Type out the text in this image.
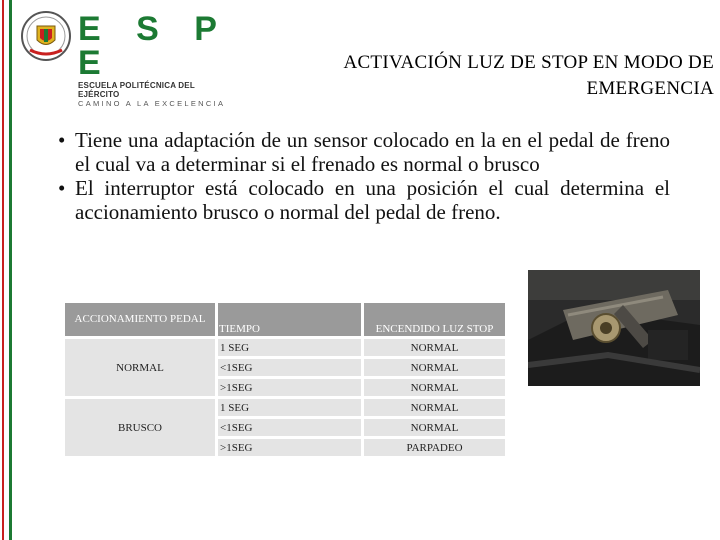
E S P E
ESCUELA POLITÉCNICA DEL EJÉRCITO
CAMINO A LA EXCELENCIA
ACTIVACIÓN LUZ DE STOP EN MODO DE
EMERGENCIA
• Tiene una adaptación de un sensor colocado en la en el pedal de freno el cual va a determinar si el frenado es normal o brusco
• El interruptor está colocado en una posición el cual determina el accionamiento brusco o normal del pedal de freno.
ACCIONAMIENTO PEDAL	TIEMPO	ENCENDIDO LUZ STOP
NORMAL	1 SEG	NORMAL
	<1SEG	NORMAL
	>1SEG	NORMAL
BRUSCO	1 SEG	NORMAL
	<1SEG	NORMAL
	>1SEG	PARPADEO
